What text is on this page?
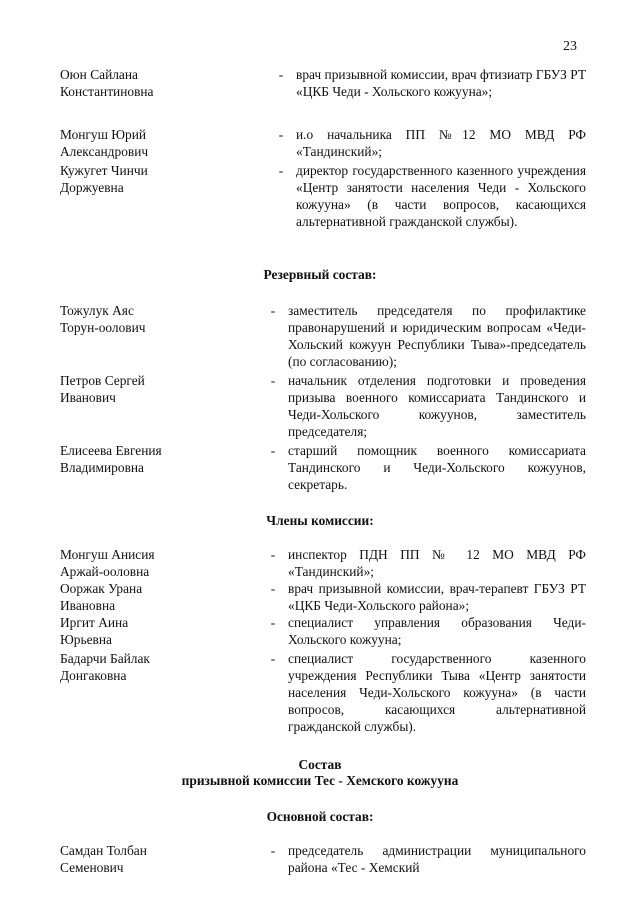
23
Оюн Сайлана
Константиновна
- врач призывной комиссии, врач фтизиатр ГБУЗ РТ «ЦКБ Чеди - Хольского кожууна»;
Монгуш Юрий
Александрович
- и.о начальника ПП №12 МО МВД РФ «Тандинский»;
Кужугет Чинчи
Доржуевна
- директор государственного казенного учреждения «Центр занятости населения Чеди - Хольского кожууна» (в части вопросов, касающихся альтернативной гражданской службы).
Резервный состав:
Тожулук Аяс
Торун-оолович
- заместитель председателя по профилактике правонарушений и юридическим вопросам «Чеди-Хольский кожуун Республики Тыва»-председатель (по согласованию);
Петров Сергей
Иванович
- начальник отделения подготовки и проведения призыва военного комиссариата Тандинского и Чеди-Хольского кожуунов, заместитель председателя;
Елисеева Евгения
Владимировна
- старший помощник военного комиссариата Тандинского и Чеди-Хольского кожуунов, секретарь.
Члены комиссии:
Монгуш Анисия
Аржай-ооловна
- инспектор ПДН ПП № 12 МО МВД РФ «Тандинский»;
Ооржак Урана
Ивановна
- врач призывной комиссии, врач-терапевт ГБУЗ РТ «ЦКБ Чеди-Хольского района»;
Иргит Аина
Юрьевна
- специалист управления образования Чеди-Хольского кожууна;
Бадарчи Байлак
Донгаковна
- специалист государственного казенного учреждения Республики Тыва «Центр занятости населения Чеди-Хольского кожууна» (в части вопросов, касающихся альтернативной гражданской службы).
Состав
призывной комиссии Тес - Хемского кожууна
Основной состав:
Самдан Толбан
Семенович
- председатель администрации муниципального района «Тес - Хемский
